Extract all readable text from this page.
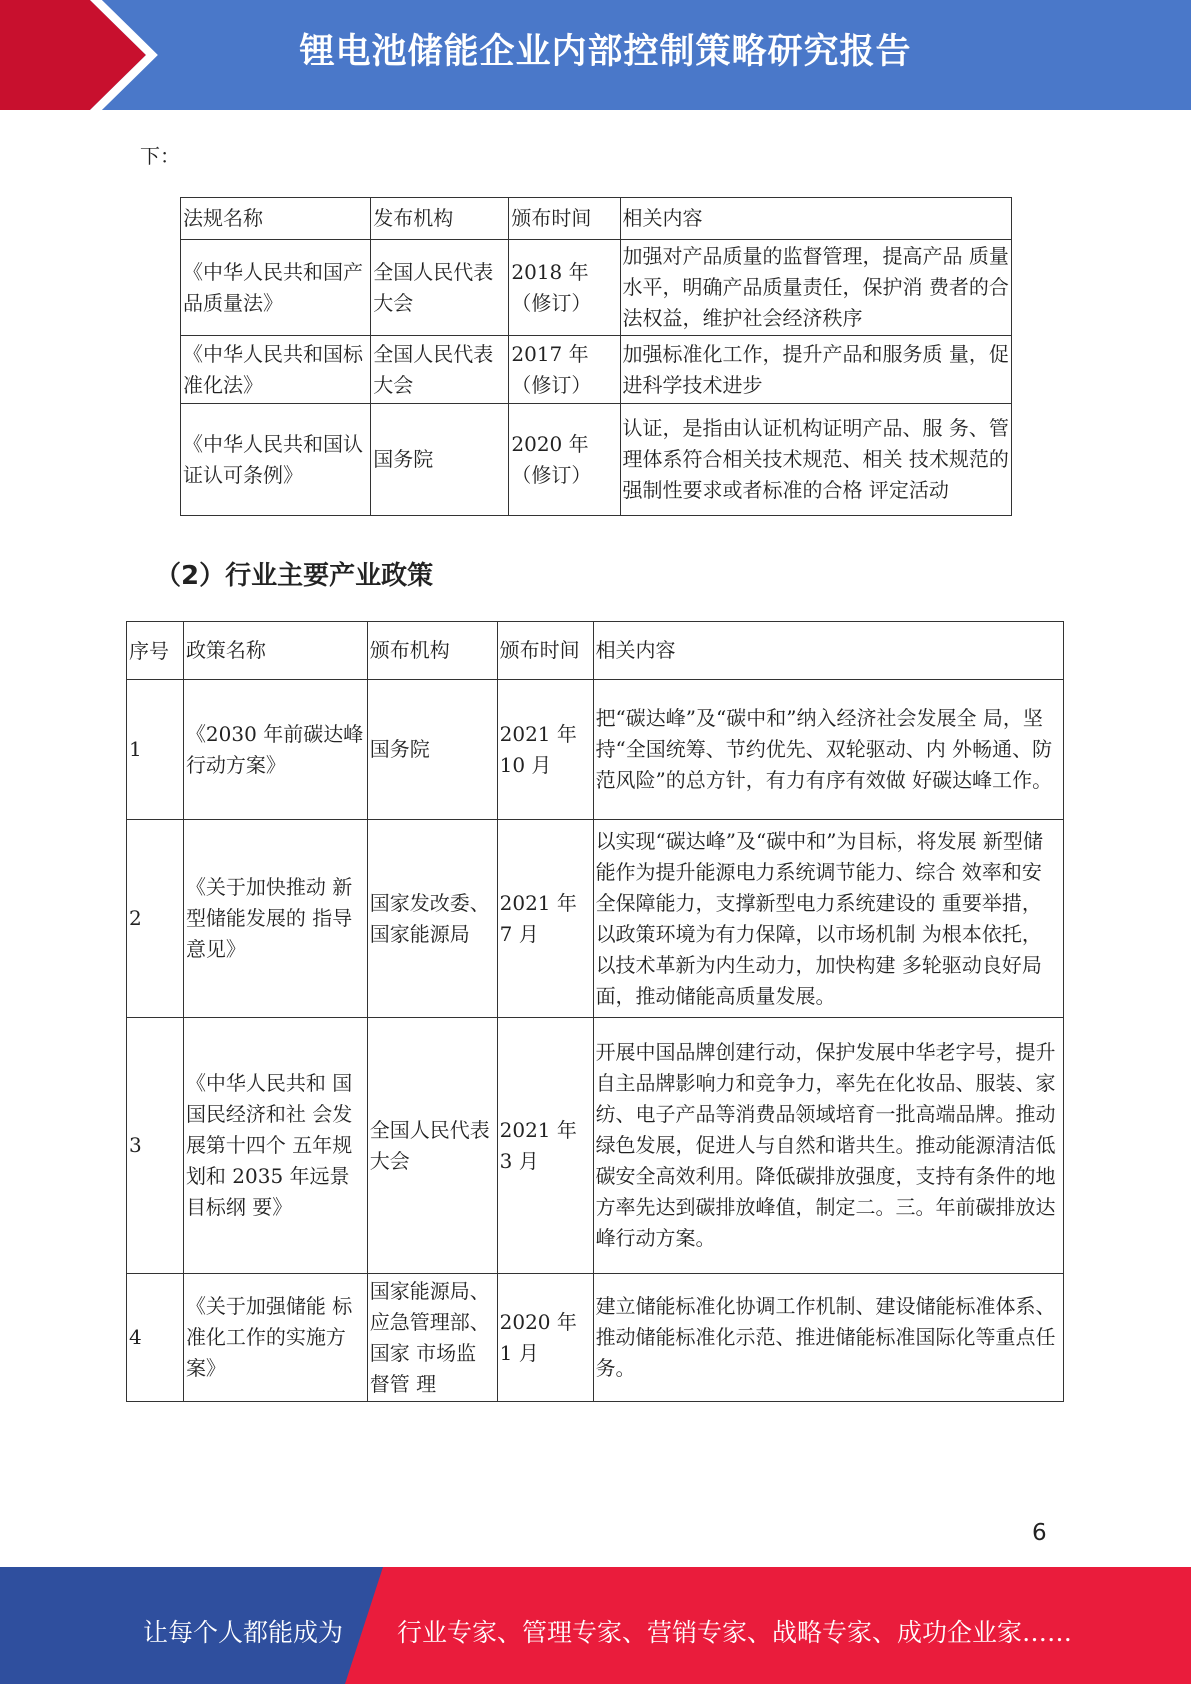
锂电池储能企业内部控制策略研究报告
下：
法规名称	发布机构	颁布时间	相关内容
《中华人民共和国产品质量法》	全国人民代表大会	2018 年（修订）	加强对产品质量的监督管理，提高产品 质量水平，明确产品质量责任，保护消 费者的合法权益，维护社会经济秩序
《中华人民共和国标准化法》	全国人民代表大会	2017 年（修订）	加强标准化工作，提升产品和服务质 量，促进科学技术进步
《中华人民共和国认证认可条例》	国务院	2020 年（修订）	认证，是指由认证机构证明产品、服 务、管理体系符合相关技术规范、相关 技术规范的强制性要求或者标准的合格 评定活动
（2）行业主要产业政策
序号	政策名称	颁布机构	颁布时间	相关内容
1	《2030 年前碳达峰行动方案》	国务院	2021 年 10 月	把“碳达峰”及“碳中和”纳入经济社会发展全 局，坚持“全国统筹、节约优先、双轮驱动、内 外畅通、防范风险”的总方针，有力有序有效做 好碳达峰工作。
2	《关于加快推动 新型储能发展的 指导意见》	国家发改委、国家能源局	2021 年 7 月	以实现“碳达峰”及“碳中和”为目标，将发展 新型储能作为提升能源电力系统调节能力、综合 效率和安全保障能力，支撑新型电力系统建设的 重要举措，以政策环境为有力保障，以市场机制 为根本依托，以技术革新为内生动力，加快构建 多轮驱动良好局面，推动储能高质量发展。
3	《中华人民共和 国国民经济和社 会发展第十四个 五年规划和 2035 年远景目标纲 要》	全国人民代表大会	2021 年 3 月	开展中国品牌创建行动，保护发展中华老字号，提升自主品牌影响力和竞争力，率先在化妆品、服装、家纺、电子产品等消费品领域培育一批高端品牌。推动绿色发展，促进人与自然和谐共生。推动能源清洁低碳安全高效利用。降低碳排放强度，支持有条件的地方率先达到碳排放峰值，制定二。三。年前碳排放达峰行动方案。
4	《关于加强储能 标准化工作的实施方案》	国家能源局、应急管理部、国家 市场监督管 理	2020 年 1 月	建立储能标准化协调工作机制、建设储能标准体系、推动储能标准化示范、推进储能标准国际化等重点任务。
6
让每个人都能成为 行业专家、管理专家、营销专家、战略专家、成功企业家……
